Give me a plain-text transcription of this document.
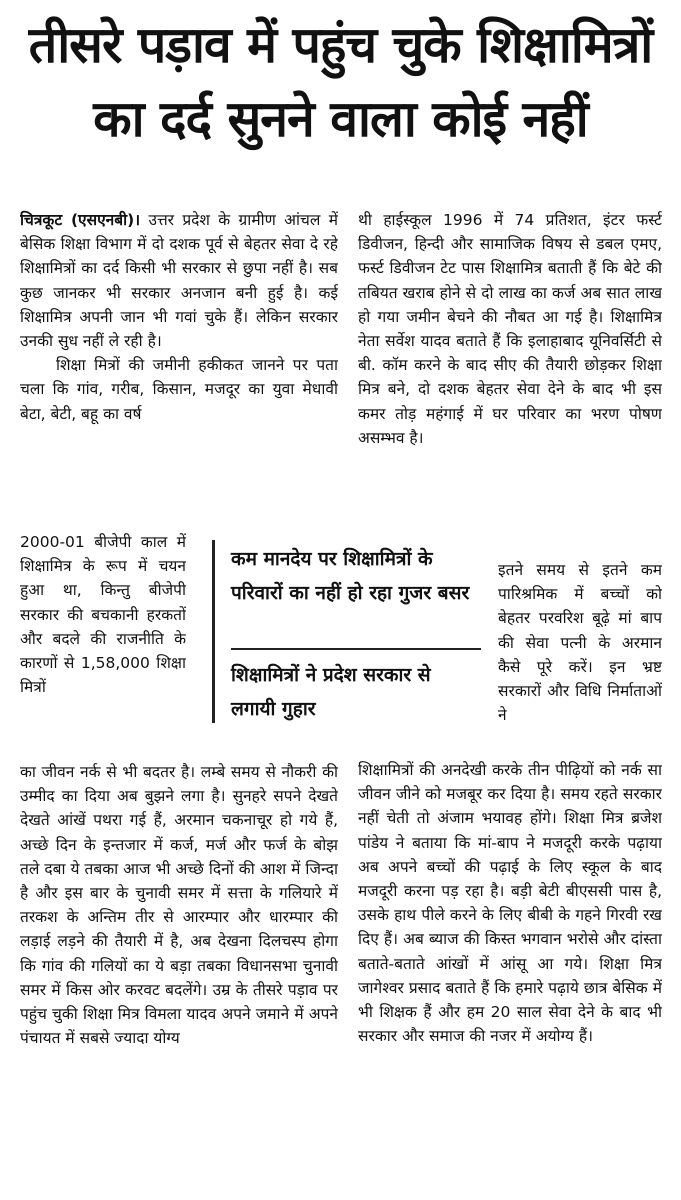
तीसरे पड़ाव में पहुंच चुके शिक्षामित्रों
का दर्द सुनने वाला कोई नहीं

चित्रकूट (एसएनबी)। उत्तर प्रदेश के ग्रामीण आंचल में बेसिक शिक्षा विभाग में दो दशक पूर्व से बेहतर सेवा दे रहे शिक्षामित्रों का दर्द किसी भी सरकार से छुपा नहीं है। सब कुछ जानकर भी सरकार अनजान बनी हुई है। कई शिक्षामित्र अपनी जान भी गवां चुके हैं। लेकिन सरकार उनकी सुध नहीं ले रही है।

शिक्षा मित्रों की जमीनी हकीकत जानने पर पता चला कि गांव, गरीब, किसान, मजदूर का युवा मेधावी बेटा, बेटी, बहू का वर्ष

2000-01 बीजेपी काल में शिक्षामित्र के रूप में चयन हुआ था, किन्तु बीजेपी सरकार की बचकानी हरकतों और बदले की राजनीति के कारणों से 1,58,000 शिक्षा मित्रों

का जीवन नर्क से भी बदतर है। लम्बे समय से नौकरी की उम्मीद का दिया अब बुझने लगा है। सुनहरे सपने देखते देखते आंखें पथरा गई हैं, अरमान चकनाचूर हो गये हैं, अच्छे दिन के इन्तजार में कर्ज, मर्ज और फर्ज के बोझ तले दबा ये तबका आज भी अच्छे दिनों की आश में जिन्दा है और इस बार के चुनावी समर में सत्ता के गलियारे में तरकश के अन्तिम तीर से आरम्पार और धारम्पार की लड़ाई लड़ने की तैयारी में है, अब देखना दिलचस्प होगा कि गांव की गलियों का ये बड़ा तबका विधानसभा चुनावी समर में किस ओर करवट बदलेंगे। उम्र के तीसरे पड़ाव पर पहुंच चुकी शिक्षा मित्र विमला यादव अपने जमाने में अपने पंचायत में सबसे ज्यादा योग्य

थी हाईस्कूल 1996 में 74 प्रतिशत, इंटर फर्स्ट डिवीजन, हिन्दी और सामाजिक विषय से डबल एमए, फर्स्ट डिवीजन टेट पास शिक्षामित्र बताती हैं कि बेटे की तबियत खराब होने से दो लाख का कर्ज अब सात लाख हो गया जमीन बेचने की नौबत आ गई है। शिक्षामित्र नेता सर्वेश यादव बताते हैं कि इलाहाबाद यूनिवर्सिटी से बी. कॉम करने के बाद सीए की तैयारी छोड़कर शिक्षा मित्र बने, दो दशक बेहतर सेवा देने के बाद भी इस कमर तोड़ महंगाई में घर परिवार का भरण पोषण असम्भव है।

इतने समय से इतने कम पारिश्रमिक में बच्चों को बेहतर परवरिश बूढ़े मां बाप की सेवा पत्नी के अरमान कैसे पूरे करें। इन भ्रष्ट सरकारों और विधि निर्माताओं ने

शिक्षामित्रों की अनदेखी करके तीन पीढ़ियों को नर्क सा जीवन जीने को मजबूर कर दिया है। समय रहते सरकार नहीं चेती तो अंजाम भयावह होंगे। शिक्षा मित्र ब्रजेश पांडेय ने बताया कि मां-बाप ने मजदूरी करके पढ़ाया अब अपने बच्चों की पढ़ाई के लिए स्कूल के बाद मजदूरी करना पड़ रहा है। बड़ी बेटी बीएससी पास है, उसके हाथ पीले करने के लिए बीबी के गहने गिरवी रख दिए हैं। अब ब्याज की किस्त भगवान भरोसे और दांस्ता बताते-बताते आंखों में आंसू आ गये। शिक्षा मित्र जागेश्वर प्रसाद बताते हैं कि हमारे पढ़ाये छात्र बेसिक में भी शिक्षक हैं और हम 20 साल सेवा देने के बाद भी सरकार और समाज की नजर में अयोग्य हैं।

कम मानदेय पर शिक्षामित्रों के परिवारों का नहीं हो रहा गुजर बसर
शिक्षामित्रों ने प्रदेश सरकार से लगायी गुहार
